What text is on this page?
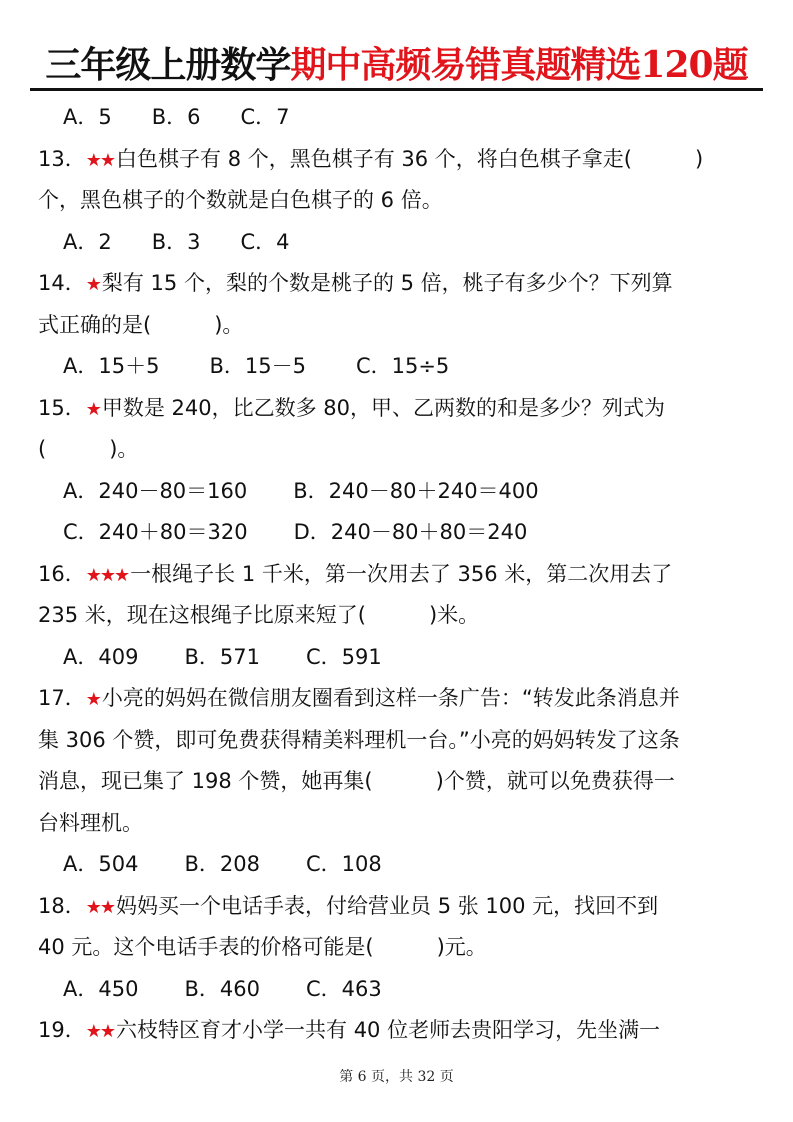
三年级上册数学期中高频易错真题精选120题
A．5 B．6 C．7
13．★★白色棋子有 8 个，黑色棋子有 36 个，将白色棋子拿走(　　　)
个，黑色棋子的个数就是白色棋子的 6 倍。
A．2 B．3 C．4
14．★梨有 15 个，梨的个数是桃子的 5 倍，桃子有多少个？下列算
式正确的是(　　　)。
A．15＋5 B．15－5 C．15÷5
15．★甲数是 240，比乙数多 80，甲、乙两数的和是多少？列式为
(　　　)。
A．240－80＝160 B．240－80＋240＝400
C．240＋80＝320 D．240－80＋80＝240
16．★★★一根绳子长 1 千米，第一次用去了 356 米，第二次用去了
235 米，现在这根绳子比原来短了(　　　)米。
A．409 B．571 C．591
17．★小亮的妈妈在微信朋友圈看到这样一条广告：“转发此条消息并
集 306 个赞，即可免费获得精美料理机一台。”小亮的妈妈转发了这条
消息，现已集了 198 个赞，她再集(　　　)个赞，就可以免费获得一
台料理机。
A．504 B．208 C．108
18．★★妈妈买一个电话手表，付给营业员 5 张 100 元，找回不到
40 元。这个电话手表的价格可能是(　　　)元。
A．450 B．460 C．463
19．★★六枝特区育才小学一共有 40 位老师去贵阳学习，先坐满一
第 6 页，共 32 页
